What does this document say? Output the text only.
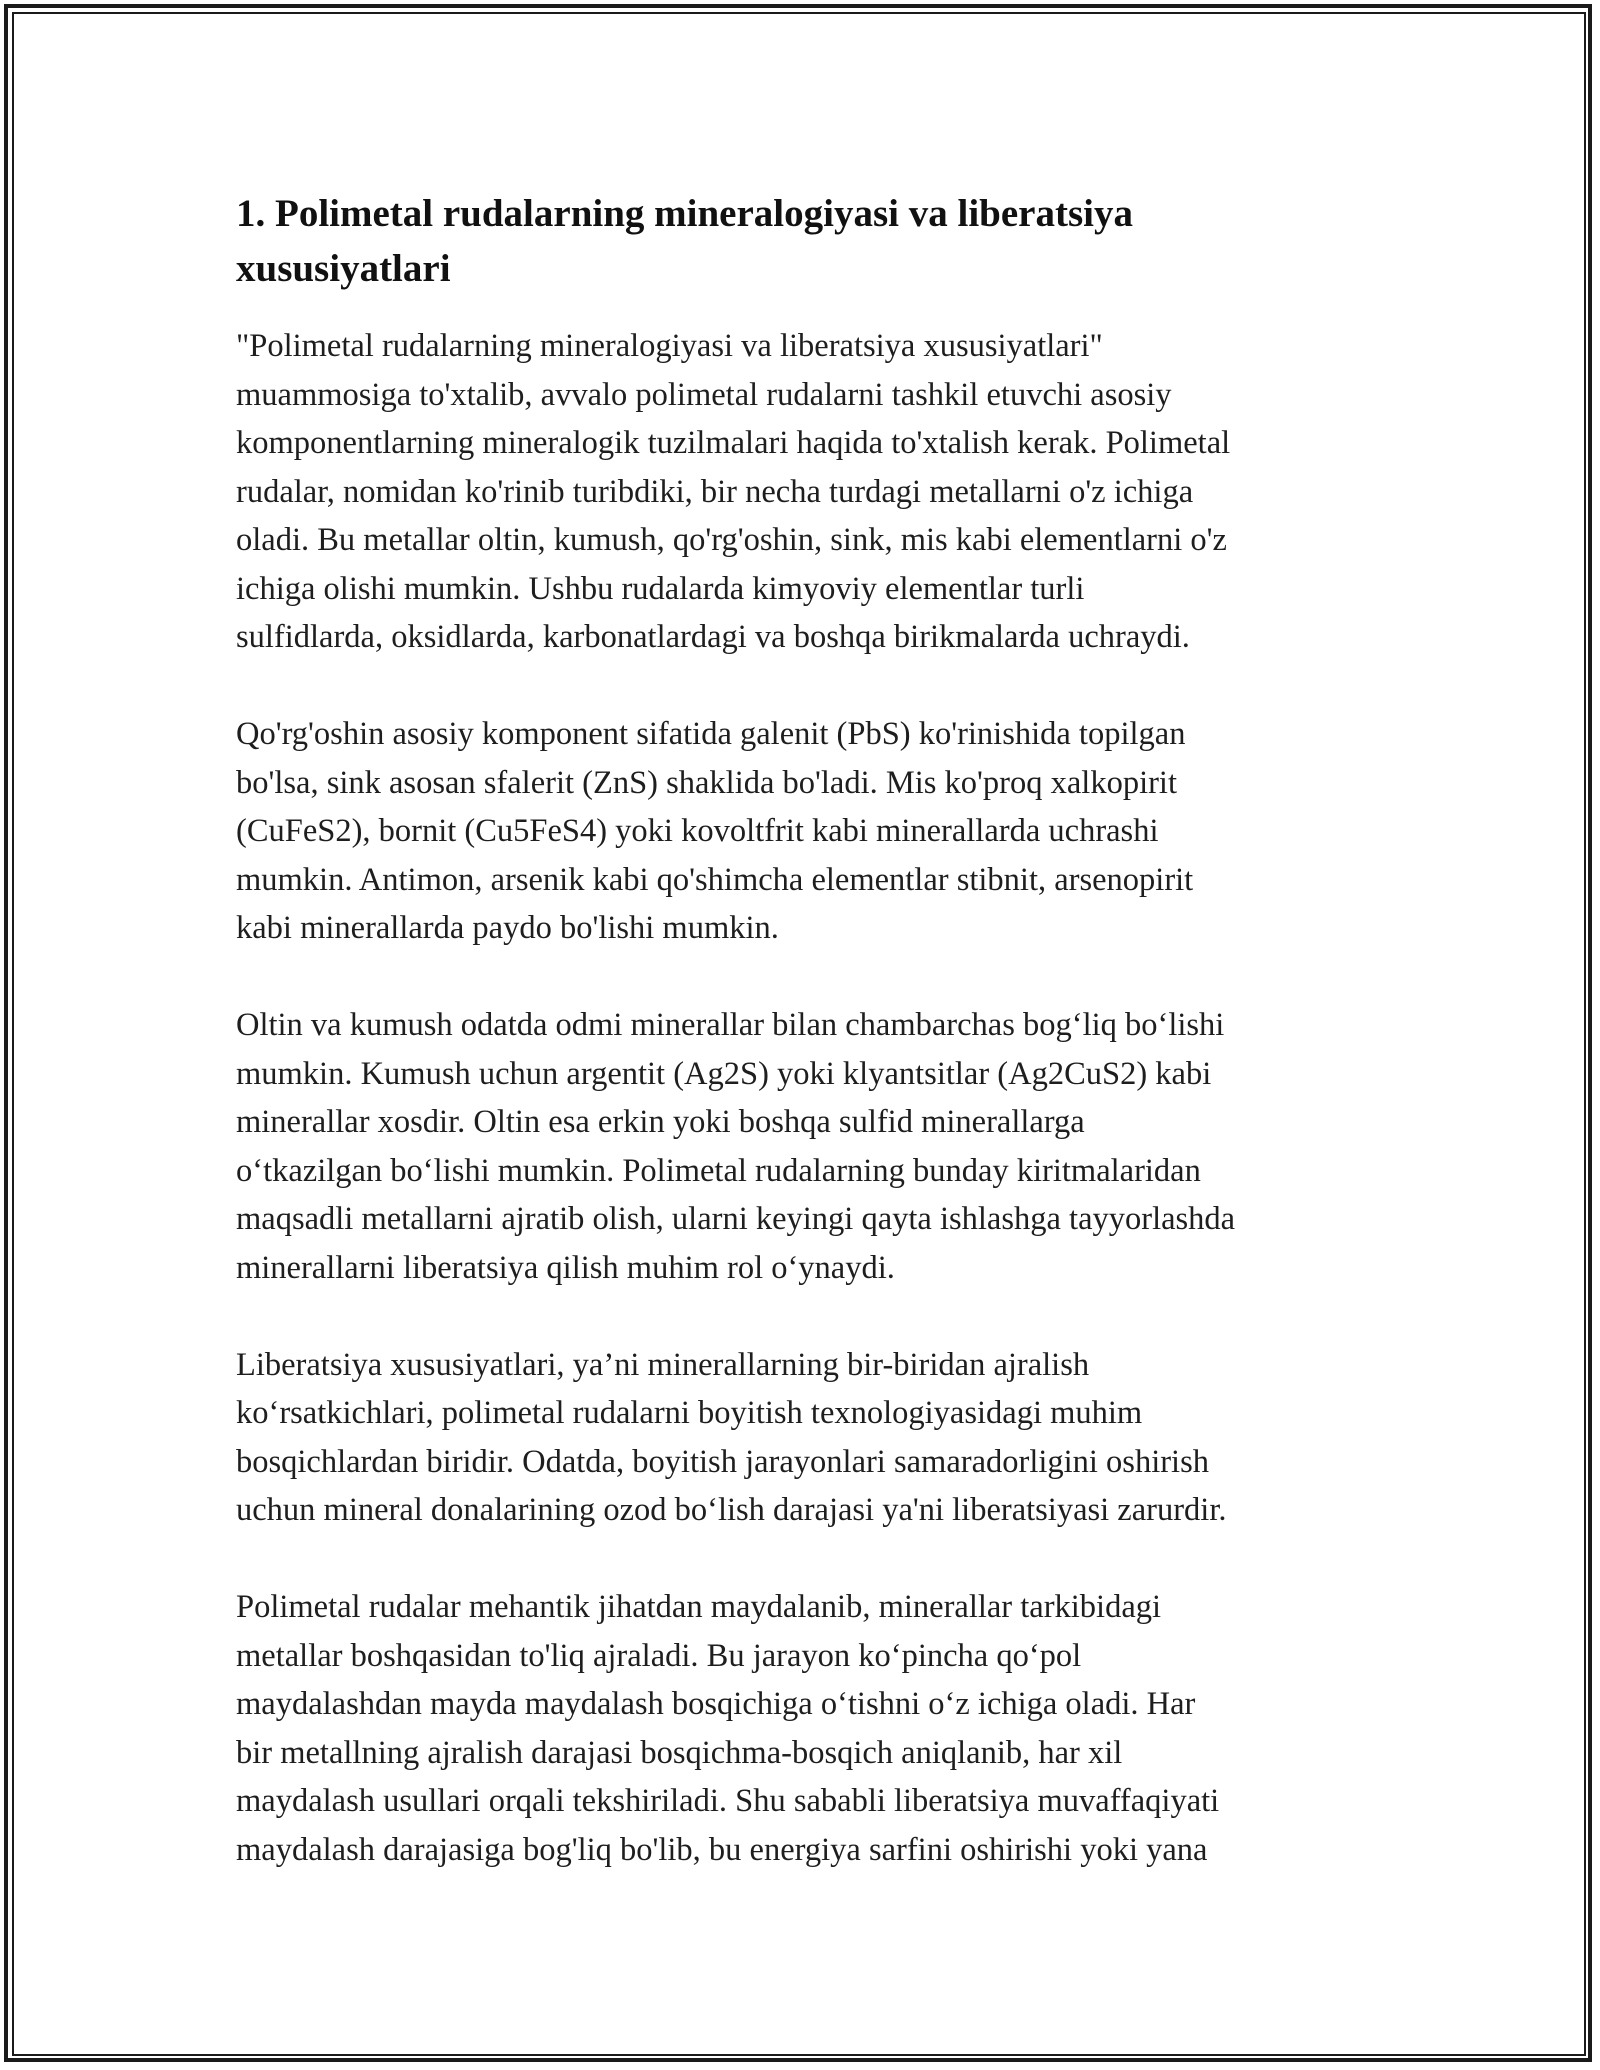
1. Polimetal rudalarning mineralogiyasi va liberatsiya
xususiyatlari

"Polimetal rudalarning mineralogiyasi va liberatsiya xususiyatlari"
muammosiga to'xtalib, avvalo polimetal rudalarni tashkil etuvchi asosiy
komponentlarning mineralogik tuzilmalari haqida to'xtalish kerak. Polimetal
rudalar, nomidan ko'rinib turibdiki, bir necha turdagi metallarni o'z ichiga
oladi. Bu metallar oltin, kumush, qo'rg'oshin, sink, mis kabi elementlarni o'z
ichiga olishi mumkin. Ushbu rudalarda kimyoviy elementlar turli
sulfidlarda, oksidlarda, karbonatlardagi va boshqa birikmalarda uchraydi.

Qo'rg'oshin asosiy komponent sifatida galenit (PbS) ko'rinishida topilgan
bo'lsa, sink asosan sfalerit (ZnS) shaklida bo'ladi. Mis ko'proq xalkopirit
(CuFeS2), bornit (Cu5FeS4) yoki kovoltfrit kabi minerallarda uchrashi
mumkin. Antimon, arsenik kabi qo'shimcha elementlar stibnit, arsenopirit
kabi minerallarda paydo bo'lishi mumkin.

Oltin va kumush odatda odmi minerallar bilan chambarchas bog‘liq bo‘lishi
mumkin. Kumush uchun argentit (Ag2S) yoki klyantsitlar (Ag2CuS2) kabi
minerallar xosdir. Oltin esa erkin yoki boshqa sulfid minerallarga
o‘tkazilgan bo‘lishi mumkin. Polimetal rudalarning bunday kiritmalaridan
maqsadli metallarni ajratib olish, ularni keyingi qayta ishlashga tayyorlashda
minerallarni liberatsiya qilish muhim rol o‘ynaydi.

Liberatsiya xususiyatlari, ya’ni minerallarning bir-biridan ajralish
ko‘rsatkichlari, polimetal rudalarni boyitish texnologiyasidagi muhim
bosqichlardan biridir. Odatda, boyitish jarayonlari samaradorligini oshirish
uchun mineral donalarining ozod bo‘lish darajasi ya'ni liberatsiyasi zarurdir.

Polimetal rudalar mehantik jihatdan maydalanib, minerallar tarkibidagi
metallar boshqasidan to'liq ajraladi. Bu jarayon ko‘pincha qo‘pol
maydalashdan mayda maydalash bosqichiga o‘tishni o‘z ichiga oladi. Har
bir metallning ajralish darajasi bosqichma-bosqich aniqlanib, har xil
maydalash usullari orqali tekshiriladi. Shu sababli liberatsiya muvaffaqiyati
maydalash darajasiga bog'liq bo'lib, bu energiya sarfini oshirishi yoki yana
